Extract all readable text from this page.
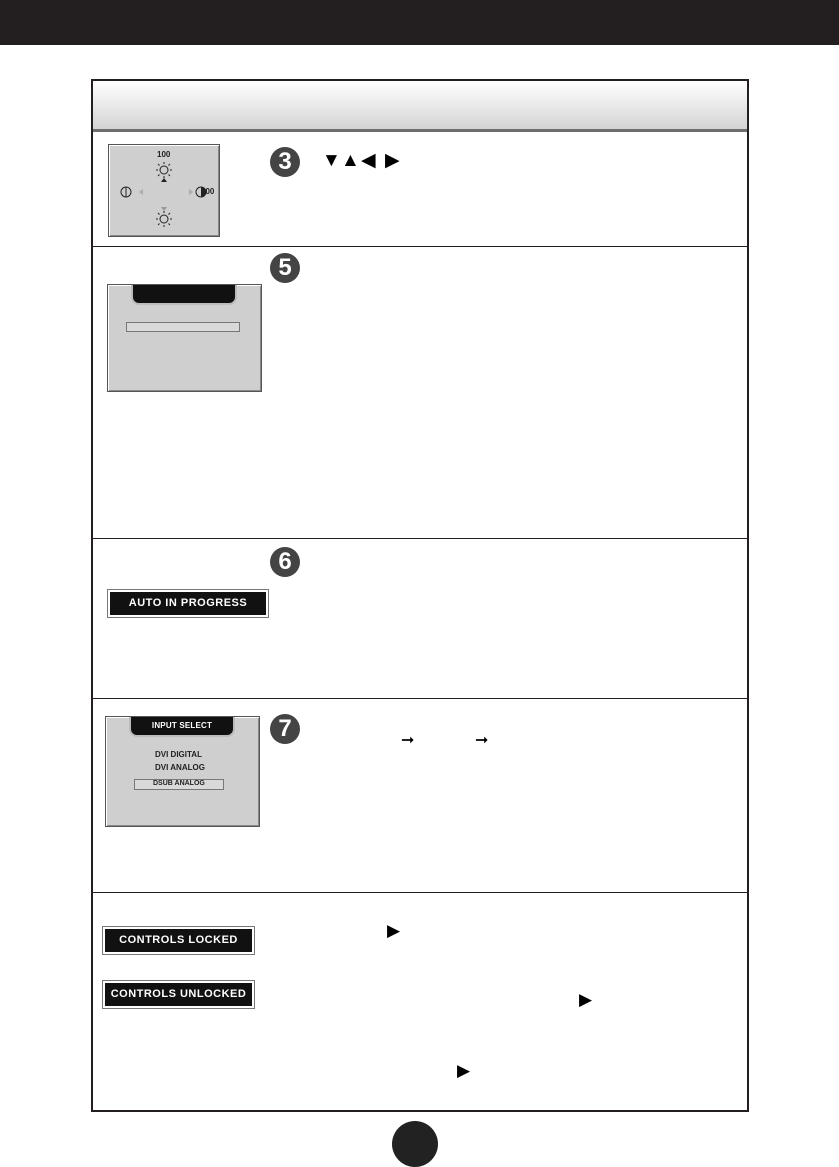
100
100
3	▼ ▲ ◀ ▶
5
AUTO IN PROGRESS
6
INPUT SELECT
DVI DIGITAL
DVI ANALOG
DSUB ANALOG
7	➞	➞
CONTROLS LOCKED
CONTROLS UNLOCKED
▶
▶
▶
